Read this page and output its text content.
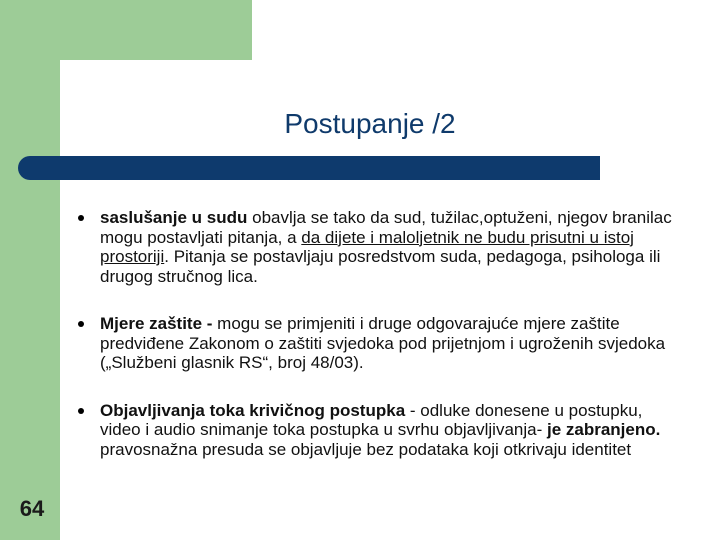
Postupanje /2
saslušanje u sudu obavlja se tako da sud, tužilac,optuženi, njegov branilac mogu postavljati pitanja, a da dijete i maloljetnik ne budu prisutni u istoj prostoriji. Pitanja se postavljaju posredstvom suda, pedagoga, psihologa ili drugog stručnog lica.
Mjere zaštite - mogu se primjeniti i druge odgovarajuće mjere zaštite predviđene Zakonom o zaštiti svjedoka pod prijetnjom i ugroženih svjedoka („Službeni glasnik RS“, broj 48/03).
Objavljivanja toka krivičnog postupka - odluke donesene u postupku, video i audio snimanje toka postupka u svrhu objavljivanja- je zabranjeno. pravosnažna presuda se objavljuje bez podataka koji otkrivaju identitet
64
